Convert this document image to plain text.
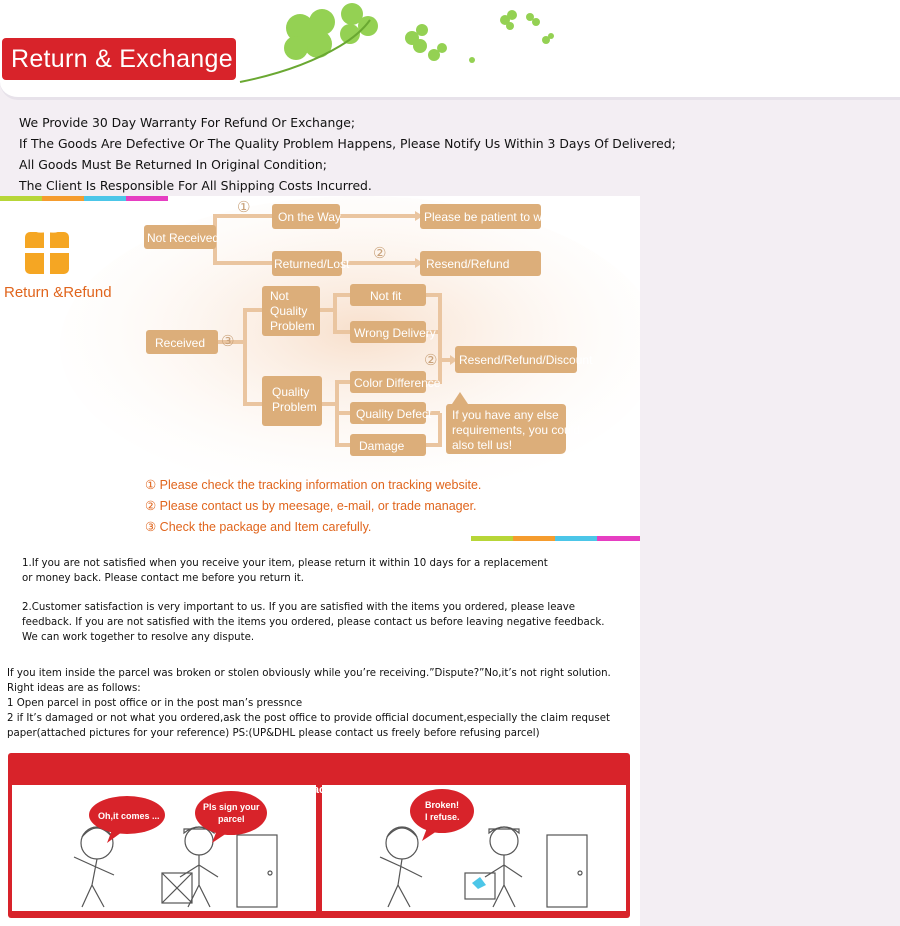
Return & Exchange
We Provide 30 Day Warranty For Refund Or Exchange;
If The Goods Are Defective Or The Quality Problem Happens, Please Notify Us Within 3 Days Of Delivered;
All Goods Must Be Returned In Original Condition;
The Client Is Responsible For All Shipping Costs Incurred.
Return &Refund
Not Received
On the Way	Please be patient to wait
Returned/Lost	Resend/Refund
Received
Not
Quality
Problem
Not fit
Wrong Delivery
Resend/Refund/Discount
Quality
Problem
Color Difference
Quality Defect
Damage
If you have any else
requirements, you could
also tell us!
①
②
③
②
① Please check the tracking information on tracking website.
② Please contact us by meesage, e-mail, or trade manager.
③ Check the package and Item carefully.

1.If you are not satisfied when you receive your item, please return it within 10 days for a replacement

or money back. Please contact me before you return it.

2.Customer satisfaction is very important to us. If you are satisfied with the items you ordered, please leave

feedback. If you are not satisfied with the items you ordered, please contact us before leaving negative feedback.

We can work together to resolve any dispute.

If you item inside the parcel was broken or stolen obviously while you’re receiving.”Dispute?”No,it’s not right solution.

Right ideas are as follows:

1 Open parcel in post office or in the post man’s pressnce

2 if It’s damaged or not what you ordered,ask the post office to provide official document,especially the claim requset

paper(attached pictures for your reference) PS:(UP&DHL please contact us freely before refusing parcel)

face

Oh,it comes ...
Pls sign your
parcel
Broken!
I refuse.
